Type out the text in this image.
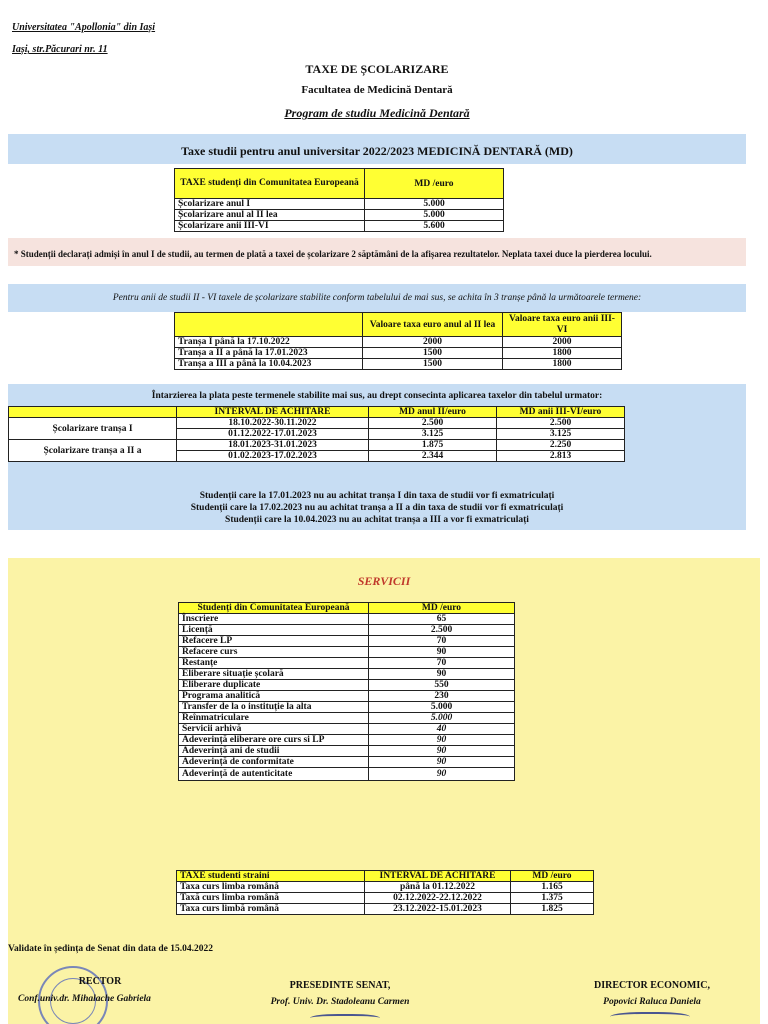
Universitatea "Apollonia" din Iași
Iași, str.Păcurari nr. 11
TAXE DE ȘCOLARIZARE
Facultatea de Medicină Dentară
Program de studiu Medicină Dentară
Taxe studii pentru anul universitar 2022/2023 MEDICINĂ DENTARĂ (MD)
TAXE studenți din Comunitatea Europeană	MD /euro
Școlarizare anul I	5.000
Școlarizare anul al II lea	5.000
Școlarizare anii III-VI	5.600
* Studenții declarați admiși în anul I de studii, au termen de plată a taxei de școlarizare 2 săptămâni de la afișarea rezultatelor. Neplata taxei duce la pierderea locului.
Pentru anii de studii II - VI taxele de școlarizare stabilite conform tabelului de mai sus, se achita în 3 tranșe până la următoarele termene:
	Valoare taxa euro anul al II lea	Valoare taxa euro anii III-VI
Tranșa I până la 17.10.2022	2000	2000
Tranșa a II a până la 17.01.2023	1500	1800
Tranșa a III a până la 10.04.2023	1500	1800
Întarzierea la plata peste termenele stabilite mai sus, au drept consecinta aplicarea taxelor din tabelul urmator:
	INTERVAL DE ACHITARE	MD anul II/euro	MD anii III-VI/euro
Școlarizare tranșa I	18.10.2022-30.11.2022	2.500	2.500
	01.12.2022-17.01.2023	3.125	3.125
Școlarizare tranșa a II a	18.01.2023-31.01.2023	1.875	2.250
	01.02.2023-17.02.2023	2.344	2.813
Studenții care la 17.01.2023 nu au achitat tranșa I din taxa de studii vor fi exmatriculați
Studenții care la 17.02.2023 nu au achitat tranșa a II a din taxa de studii vor fi exmatriculați
Studenții care la 10.04.2023 nu au achitat tranșa a III a vor fi exmatriculați
SERVICII
Studenți din Comunitatea Europeană	MD /euro
Înscriere	65
Licență	2.500
Refacere LP	70
Refacere curs	90
Restanțe	70
Eliberare situație școlară	90
Eliberare duplicate	550
Programa analitică	230
Transfer de la o instituție la alta	5.000
Reînmatriculare	5.000
Servicii arhivă	40
Adeverință eliberare ore curs si LP	90
Adeverință ani de studii	90
Adeverință de conformitate	90
Adeverință de autenticitate	90
TAXE studenti straini	INTERVAL DE ACHITARE	MD /euro
Taxa curs limba română	până la 01.12.2022	1.165
Taxă curs limba română	02.12.2022-22.12.2022	1.375
Taxa curs limbă română	23.12.2022-15.01.2023	1.825
Validate în ședința de Senat din data de 15.04.2022
RECTOR
Conf.univ.dr. Mihalache Gabriela
PRESEDINTE SENAT,
Prof. Univ. Dr. Stadoleanu Carmen
DIRECTOR ECONOMIC,
Popovici Raluca Daniela
